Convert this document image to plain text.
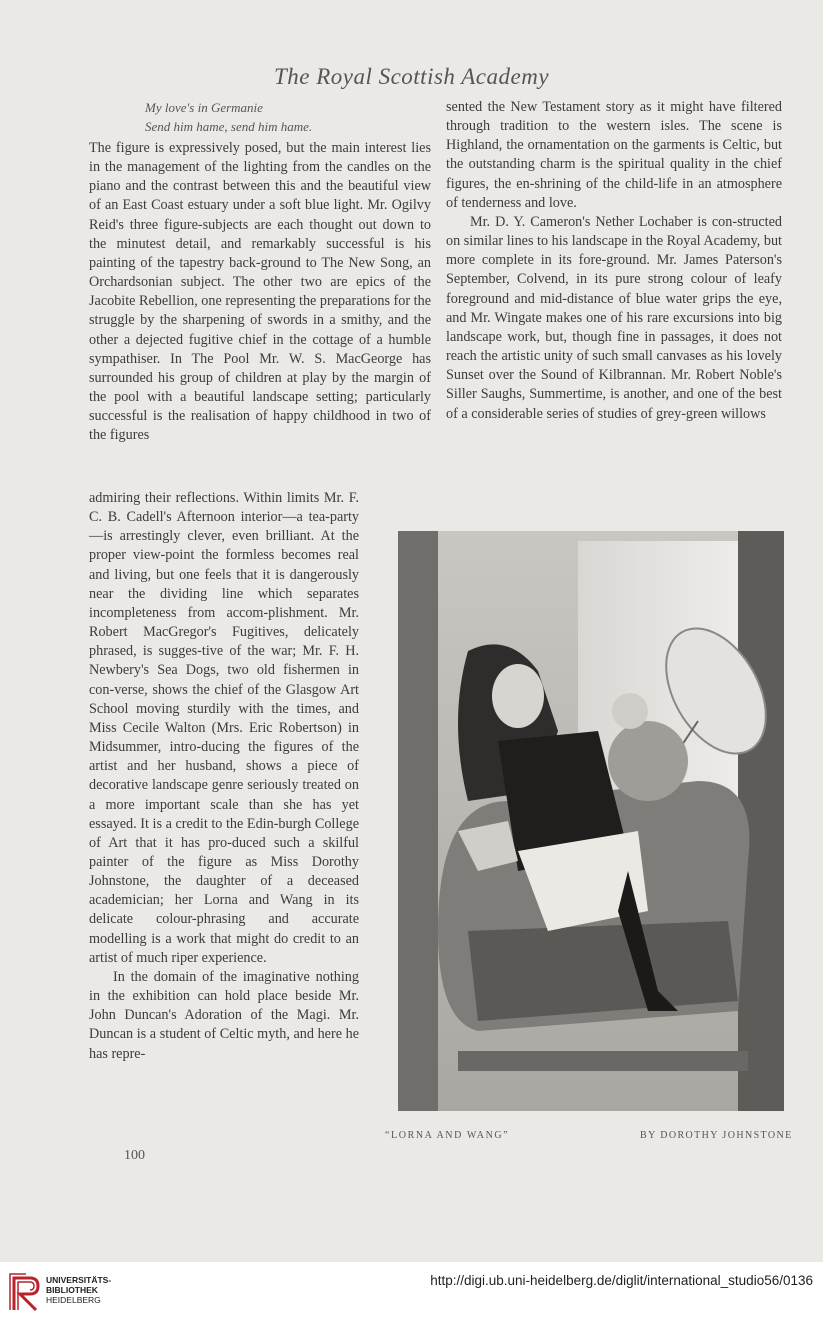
The Royal Scottish Academy
My love's in Germanie
Send him hame, send him hame.

The figure is expressively posed, but the main interest lies in the management of the lighting from the candles on the piano and the contrast between this and the beautiful view of an East Coast estuary under a soft blue light. Mr. Ogilvy Reid's three figure-subjects are each thought out down to the minutest detail, and remarkably successful is his painting of the tapestry back-ground to The New Song, an Orchardsonian subject. The other two are epics of the Jacobite Rebellion, one representing the preparations for the struggle by the sharpening of swords in a smithy, and the other a dejected fugitive chief in the cottage of a humble sympathiser. In The Pool Mr. W. S. MacGeorge has surrounded his group of children at play by the margin of the pool with a beautiful landscape setting; particularly successful is the realisation of happy childhood in two of the figures

admiring their reflections. Within limits Mr. F. C. B. Cadell's Afternoon interior—a tea-party—is arrestingly clever, even brilliant. At the proper view-point the formless becomes real and living, but one feels that it is dangerously near the dividing line which separates incompleteness from accom-plishment. Mr. Robert MacGregor's Fugitives, delicately phrased, is sugges-tive of the war; Mr. F. H. Newbery's Sea Dogs, two old fishermen in con-verse, shows the chief of the Glasgow Art School moving sturdily with the times, and Miss Cecile Walton (Mrs. Eric Robertson) in Midsummer, intro-ducing the figures of the artist and her husband, shows a piece of decorative landscape genre seriously treated on a more important scale than she has yet essayed. It is a credit to the Edin-burgh College of Art that it has pro-duced such a skilful painter of the figure as Miss Dorothy Johnstone, the daughter of a deceased academician; her Lorna and Wang in its delicate colour-phrasing and accurate modelling is a work that might do credit to an artist of much riper experience.

In the domain of the imaginative nothing in the exhibition can hold place beside Mr. John Duncan's Adoration of the Magi. Mr. Duncan is a student of Celtic myth, and here he has repre-

sented the New Testament story as it might have filtered through tradition to the western isles. The scene is Highland, the ornamentation on the garments is Celtic, but the outstanding charm is the spiritual quality in the chief figures, the en-shrining of the child-life in an atmosphere of tenderness and love.

Mr. D. Y. Cameron's Nether Lochaber is con-structed on similar lines to his landscape in the Royal Academy, but more complete in its fore-ground. Mr. James Paterson's September, Colvend, in its pure strong colour of leafy foreground and mid-distance of blue water grips the eye, and Mr. Wingate makes one of his rare excursions into big landscape work, but, though fine in passages, it does not reach the artistic unity of such small canvases as his lovely Sunset over the Sound of Kilbrannan. Mr. Robert Noble's Siller Saughs, Summertime, is another, and one of the best of a considerable series of studies of grey-green willows

“LORNA AND WANG”	BY DOROTHY JOHNSTONE
100
UNIVERSITÄTS-
BIBLIOTHEK
HEIDELBERG
http://digi.ub.uni-heidelberg.de/diglit/international_studio56/0136
